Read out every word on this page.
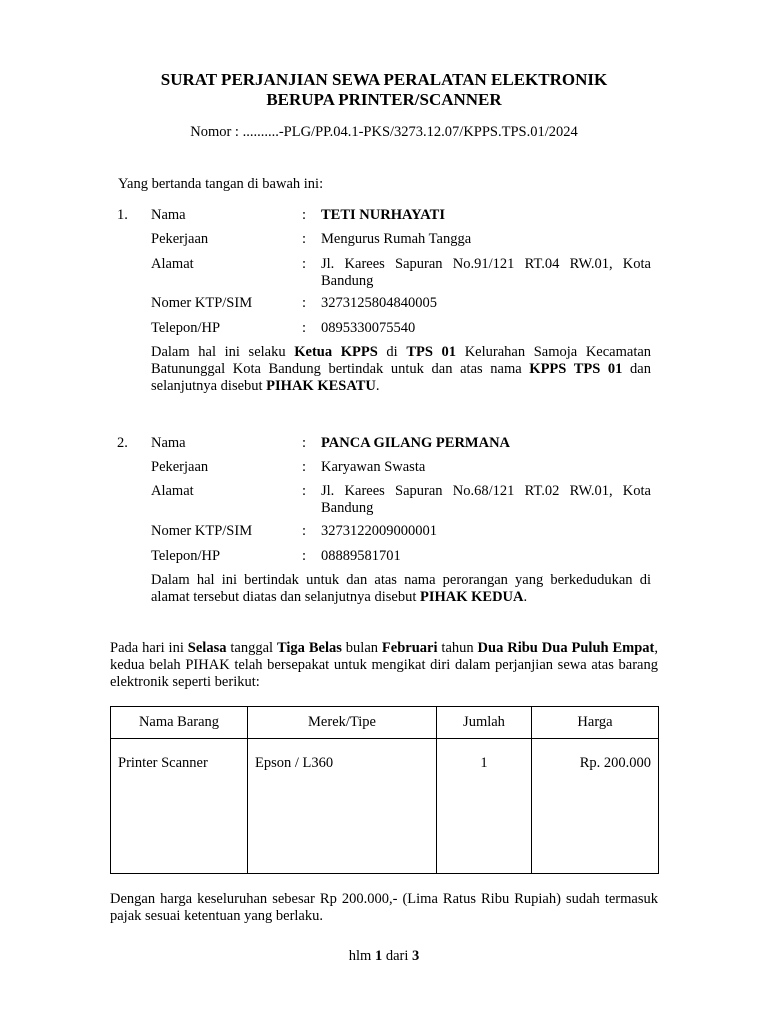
SURAT PERJANJIAN SEWA PERALATAN ELEKTRONIK
BERUPA PRINTER/SCANNER
Nomor : ..........-PLG/PP.04.1-PKS/3273.12.07/KPPS.TPS.01/2024
Yang bertanda tangan di bawah ini:
1. Nama	: TETI NURHAYATI
Pekerjaan	: Mengurus Rumah Tangga
Alamat	: Jl. Karees Sapuran No.91/121 RT.04 RW.01, Kota Bandung
Nomer KTP/SIM	: 3273125804840005
Telepon/HP	: 0895330075540
Dalam hal ini selaku Ketua KPPS di TPS 01 Kelurahan Samoja Kecamatan Batununggal Kota Bandung bertindak untuk dan atas nama KPPS TPS 01 dan selanjutnya disebut PIHAK KESATU.
2. Nama	: PANCA GILANG PERMANA
Pekerjaan	: Karyawan Swasta
Alamat	: Jl. Karees Sapuran No.68/121 RT.02 RW.01, Kota Bandung
Nomer KTP/SIM	: 3273122009000001
Telepon/HP	: 08889581701
Dalam hal ini bertindak untuk dan atas nama perorangan yang berkedudukan di alamat tersebut diatas dan selanjutnya disebut PIHAK KEDUA.
Pada hari ini Selasa tanggal Tiga Belas bulan Februari tahun Dua Ribu Dua Puluh Empat, kedua belah PIHAK telah bersepakat untuk mengikat diri dalam perjanjian sewa atas barang elektronik seperti berikut:
Nama Barang	Merek/Tipe	Jumlah	Harga
Printer Scanner	Epson / L360	1	Rp. 200.000
Dengan harga keseluruhan sebesar Rp 200.000,- (Lima Ratus Ribu Rupiah) sudah termasuk pajak sesuai ketentuan yang berlaku.
hlm 1 dari 3
